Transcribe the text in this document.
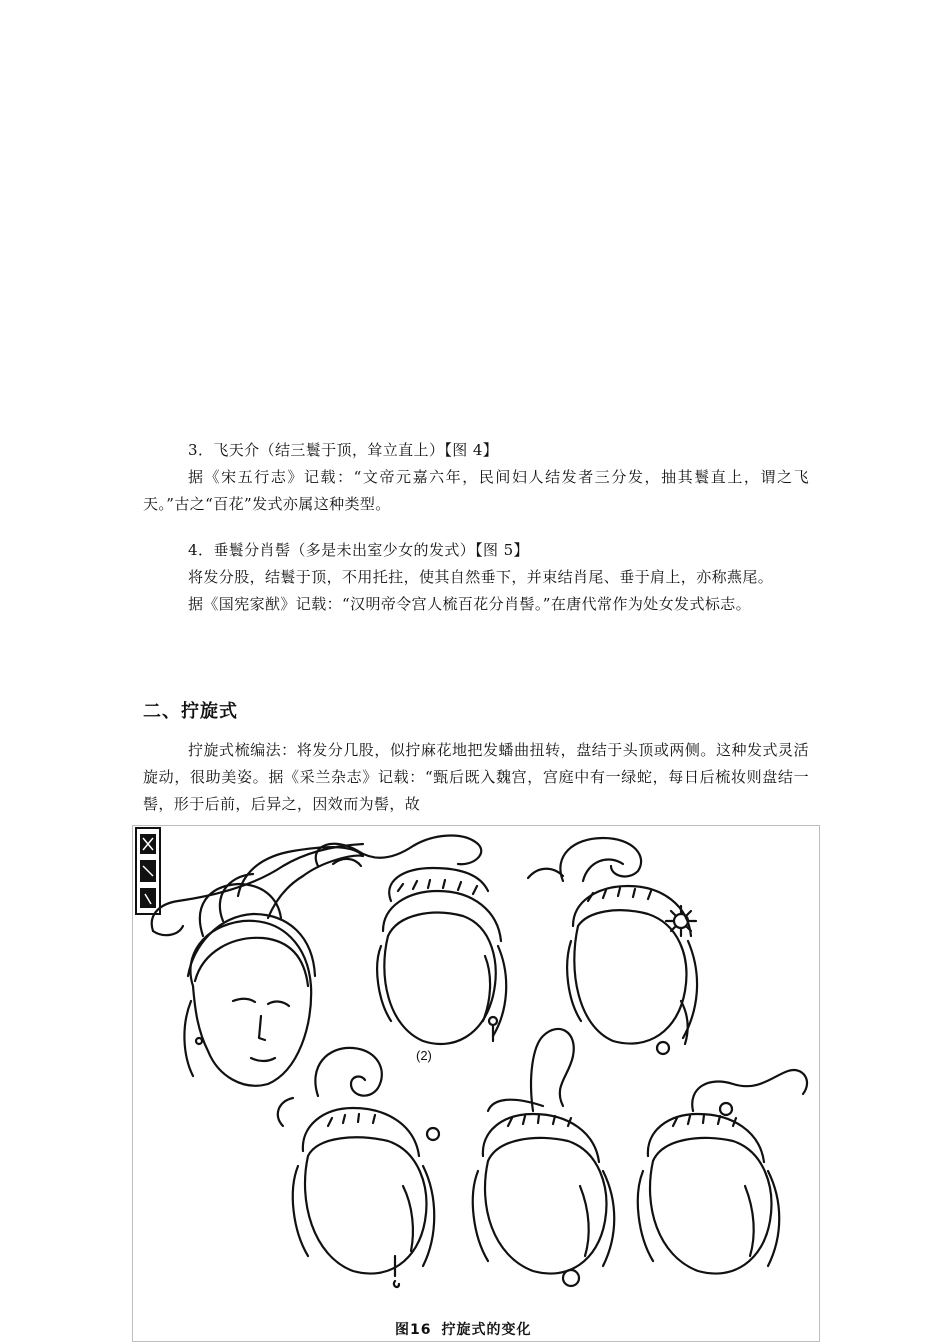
3．飞天介（结三鬟于顶，耸立直上）【图 4】

据《宋五行志》记载：“文帝元嘉六年，民间妇人结发者三分发，抽其鬟直上，谓之飞天。”古之“百花”发式亦属这种类型。

4．垂鬟分肖髻（多是未出室少女的发式）【图 5】

将发分股，结鬟于顶，不用托拄，使其自然垂下，并束结肖尾、垂于肩上，亦称燕尾。

据《国宪家猷》记载：“汉明帝令宫人梳百花分肖髻。”在唐代常作为处女发式标志。

二、拧旋式

拧旋式梳编法：将发分几股，似拧麻花地把发蟠曲扭转，盘结于头顶或两侧。这种发式灵活旋动，很助美姿。据《采兰杂志》记载：“甄后既入魏宫，宫庭中有一绿蛇，每日后梳妆则盘结一髻，形于后前，后异之，因效而为髻，故

(2)
图16 拧旋式的变化
